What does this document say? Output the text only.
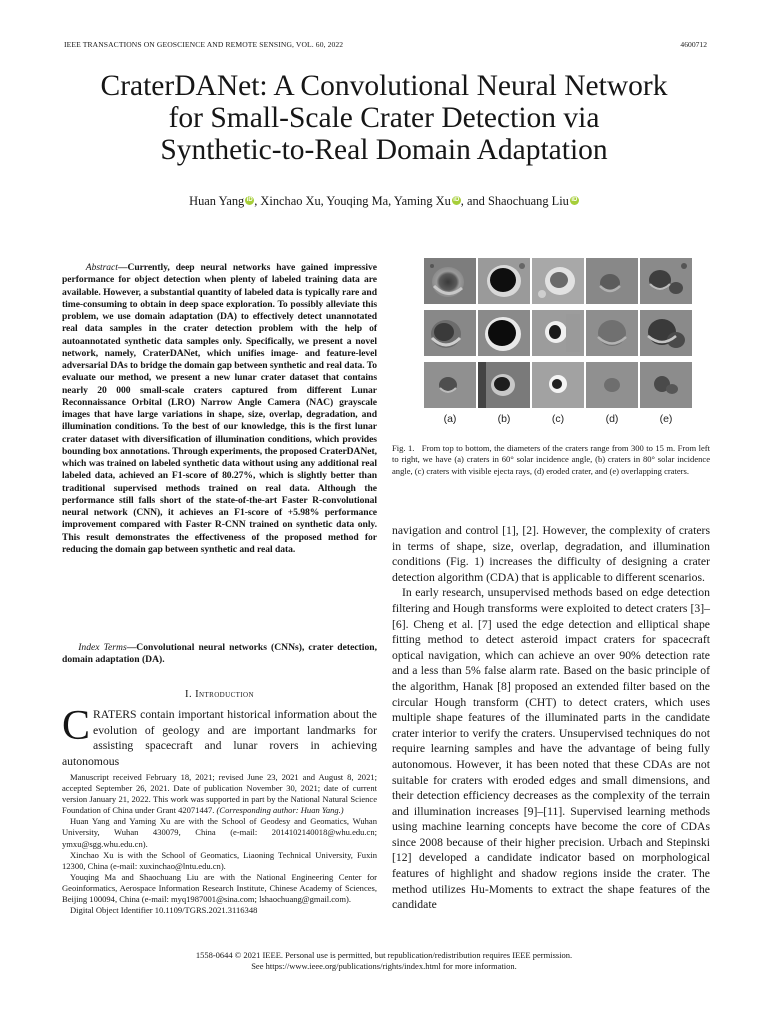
IEEE TRANSACTIONS ON GEOSCIENCE AND REMOTE SENSING, VOL. 60, 2022	4600712
CraterDANet: A Convolutional Neural Network
for Small-Scale Crater Detection via
Synthetic-to-Real Domain Adaptation
Huan Yang iD , Xinchao Xu, Youqing Ma, Yaming Xu iD , and Shaochuang Liu iD
Abstract—Currently, deep neural networks have gained impressive performance for object detection when plenty of labeled training data are available. However, a substantial quantity of labeled data is typically rare and time-consuming to obtain in deep space exploration. To possibly alleviate this problem, we use domain adaptation (DA) to effectively detect unannotated real data samples in the crater detection problem with the help of autoannotated synthetic data samples only. Specifically, we present a novel network, namely, CraterDANet, which unifies image- and feature-level adversarial DAs to bridge the domain gap between synthetic and real data. To evaluate our method, we present a new lunar crater dataset that contains nearly 20 000 small-scale craters captured from different Lunar Reconnaissance Orbital (LRO) Narrow Angle Camera (NAC) grayscale images that have large variations in shape, size, overlap, degradation, and illumination conditions. To the best of our knowledge, this is the first lunar crater dataset with diversification of illumination conditions, which provides bounding box annotations. Through experiments, the proposed CraterDANet, which was trained on labeled synthetic data without using any additional real labeled data, achieved an F1-score of 80.27%, which is slightly better than traditional supervised methods trained on real data. Although the performance still falls short of the state-of-the-art Faster R-convolutional neural network (CNN), it achieves an F1-score of +5.98% performance improvement compared with Faster R-CNN trained on synthetic data only. This result demonstrates the effectiveness of the proposed method for reducing the domain gap between synthetic and real data.
Index Terms—Convolutional neural networks (CNNs), crater detection, domain adaptation (DA).
I. Introduction
CRATERS contain important historical information about the evolution of geology and are important landmarks for assisting spacecraft and lunar rovers in achieving autonomous

Manuscript received February 18, 2021; revised June 23, 2021 and August 8, 2021; accepted September 26, 2021. Date of publication November 30, 2021; date of current version January 21, 2022. This work was supported in part by the National Natural Science Foundation of China under Grant 42071447. (Corresponding author: Huan Yang.)

Huan Yang and Yaming Xu are with the School of Geodesy and Geomatics, Wuhan University, Wuhan 430079, China (e-mail: 2014102140018@whu.edu.cn; ymxu@sgg.whu.edu.cn).

Xinchao Xu is with the School of Geomatics, Liaoning Technical University, Fuxin 12300, China (e-mail: xuxinchao@lntu.edu.cn).

Youqing Ma and Shaochuang Liu are with the National Engineering Center for Geoinformatics, Aerospace Information Research Institute, Chinese Academy of Sciences, Beijing 100094, China (e-mail: myq1987001@sina.com; lshaochuang@gmail.com).

Digital Object Identifier 10.1109/TGRS.2021.3116348

1558-0644 © 2021 IEEE. Personal use is permitted, but republication/redistribution requires IEEE permission.
See https://www.ieee.org/publications/rights/index.html for more information.
(a)	(b)	(c)	(d)	(e)
Fig. 1.   From top to bottom, the diameters of the craters range from 300 to 15 m. From left to right, we have (a) craters in 60° solar incidence angle, (b) craters in 80° solar incidence angle, (c) craters with visible ejecta rays, (d) eroded crater, and (e) overlapping craters.

navigation and control [1], [2]. However, the complexity of craters in terms of shape, size, overlap, degradation, and illumination conditions (Fig. 1) increases the difficulty of designing a crater detection algorithm (CDA) that is applicable to different scenarios.

In early research, unsupervised methods based on edge detection filtering and Hough transforms were exploited to detect craters [3]–[6]. Cheng et al. [7] used the edge detection and elliptical shape fitting method to detect asteroid impact craters for spacecraft optical navigation, which can achieve an over 90% detection rate and a less than 5% false alarm rate. Based on the basic principle of the algorithm, Hanak [8] proposed an extended filter based on the circular Hough transform (CHT) to detect craters, which uses multiple shape features of the illuminated parts in the candidate crater interior to verify the craters. Unsupervised techniques do not require learning samples and have the advantage of being fully autonomous. However, it has been noted that these CDAs are not suitable for craters with eroded edges and small dimensions, and their detection efficiency decreases as the complexity of the terrain and illumination increases [9]–[11]. Supervised learning methods using machine learning concepts have become the core of CDAs since 2008 because of their higher precision. Urbach and Stepinski [12] developed a candidate indicator based on morphological features of highlight and shadow regions inside the crater. The method utilizes Hu-Moments to extract the shape features of the candidate
